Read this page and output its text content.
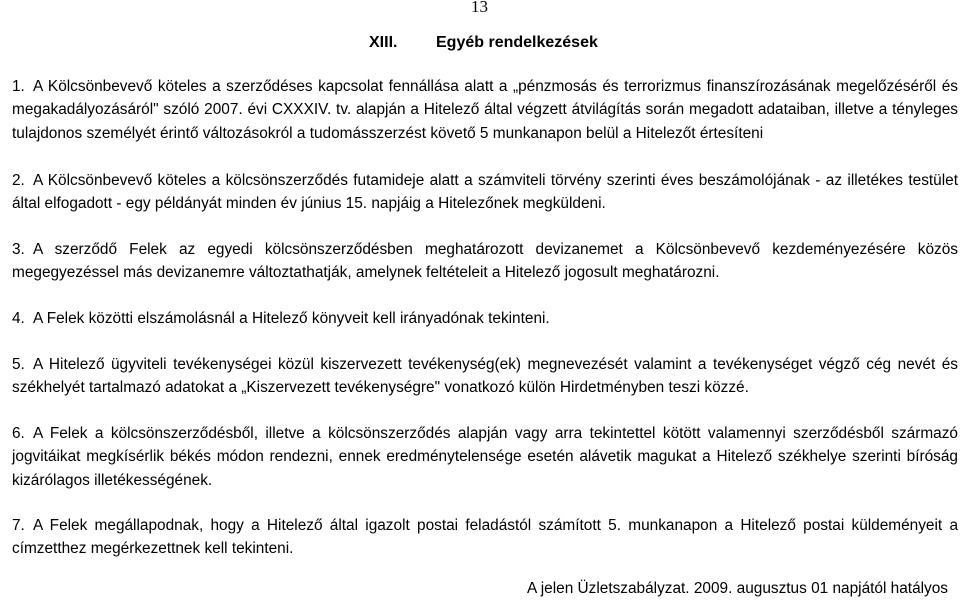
13
XIII. Egyéb rendelkezések

1. A Kölcsönbevevő köteles a szerződéses kapcsolat fennállása alatt a „pénzmosás és terrorizmus finanszírozásának megelőzéséről és megakadályozásáról" szóló 2007. évi CXXXIV. tv. alapján a Hitelező által végzett átvilágítás során megadott adataiban, illetve a tényleges tulajdonos személyét érintő változásokról a tudomásszerzést követő 5 munkanapon belül a Hitelezőt értesíteni

2. A Kölcsönbevevő köteles a kölcsönszerződés futamideje alatt a számviteli törvény szerinti éves beszámolójának - az illetékes testület által elfogadott - egy példányát minden év június 15. napjáig a Hitelezőnek megküldeni.

3. A szerződő Felek az egyedi kölcsönszerződésben meghatározott devizanemet a Kölcsönbevevő kezdeményezésére közös megegyezéssel más devizanemre változtathatják, amelynek feltételeit a Hitelező jogosult meghatározni.

4. A Felek közötti elszámolásnál a Hitelező könyveit kell irányadónak tekinteni.

5. A Hitelező ügyviteli tevékenységei közül kiszervezett tevékenység(ek) megnevezését valamint a tevékenységet végző cég nevét és székhelyét tartalmazó adatokat a „Kiszervezett tevékenységre" vonatkozó külön Hirdetményben teszi közzé.

6. A Felek a kölcsönszerződésből, illetve a kölcsönszerződés alapján vagy arra tekintettel kötött valamennyi szerződésből származó jogvitáikat megkísérlik békés módon rendezni, ennek eredménytelensége esetén alávetik magukat a Hitelező székhelye szerinti bíróság kizárólagos illetékességének.

7. A Felek megállapodnak, hogy a Hitelező által igazolt postai feladástól számított 5. munkanapon a Hitelező postai küldeményeit a címzetthez megérkezettnek kell tekinteni.

A jelen Üzletszabályzat. 2009. augusztus 01 napjától hatályos
